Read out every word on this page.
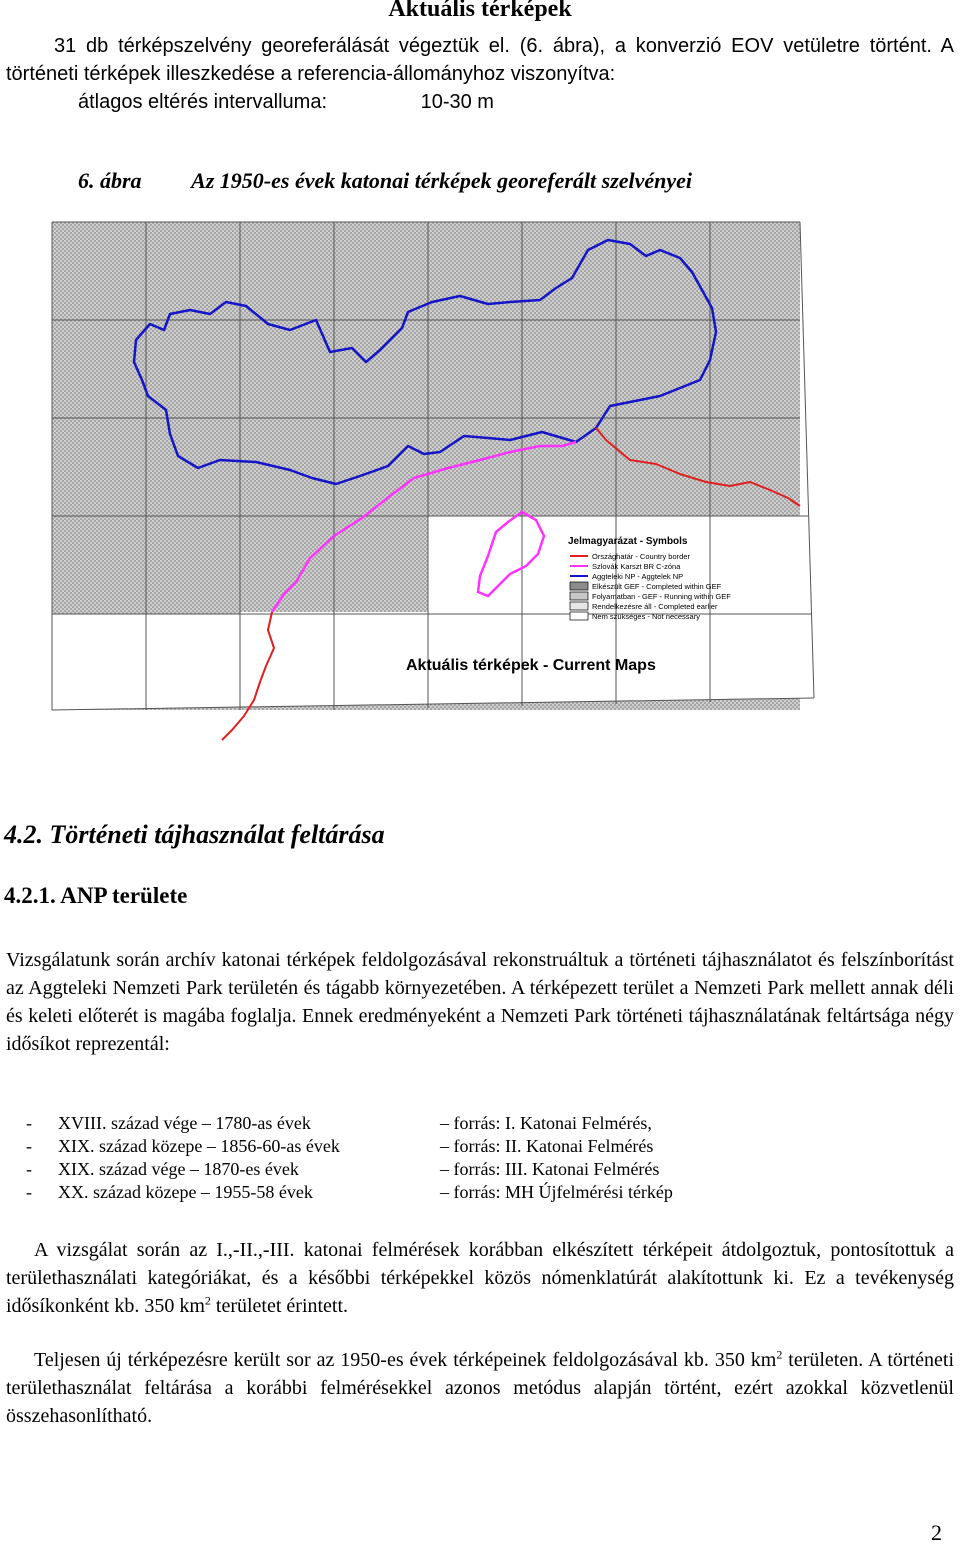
Aktuális térképek
31 db térképszelvény georeferálását végeztük el. (6. ábra), a konverzió EOV vetületre történt. A történeti térképek illeszkedése a referencia-állományhoz viszonyítva:
átlagos eltérés intervalluma:	10-30 m
6. ábra Az 1950-es évek katonai térképek georeferált szelvényei
Jelmagyarázat - Symbols
Országhatár - Country border
Szlovák Karszt BR C-zóna
Aggteleki NP - Aggtelek NP
Elkészült GEF - Completed within GEF
Folyamatban - GEF - Running within GEF
Rendelkezésre áll - Completed earlier
Nem szükséges - Not necessary
Aktuális térképek - Current Maps
4.2. Történeti tájhasználat feltárása
4.2.1. ANP területe
Vizsgálatunk során archív katonai térképek feldolgozásával rekonstruáltuk a történeti tájhasználatot és felszínborítást az Aggteleki Nemzeti Park területén és tágabb környezetében. A térképezett terület a Nemzeti Park mellett annak déli és keleti előterét is magába foglalja. Ennek eredményeként a Nemzeti Park történeti tájhasználatának feltártsága négy idősíkot reprezentál:
-	XVIII. század vége – 1780-as évek	– forrás: I. Katonai Felmérés,
-	XIX. század közepe – 1856-60-as évek	– forrás: II. Katonai Felmérés
-	XIX. század vége – 1870-es évek	– forrás: III. Katonai Felmérés
-	XX. század közepe – 1955-58 évek	– forrás: MH Újfelmérési térkép
A vizsgálat során az I.,-II.,-III. katonai felmérések korábban elkészített térképeit átdolgoztuk, pontosítottuk a területhasználati kategóriákat, és a későbbi térképekkel közös nómenklatúrát alakítottunk ki. Ez a tevékenység idősíkonként kb. 350 $km^2$ területet érintett.
Teljesen új térképezésre került sor az 1950-es évek térképeinek feldolgozásával kb. 350 $km^2$ területen. A történeti területhasználat feltárása a korábbi felmérésekkel azonos metódus alapján történt, ezért azokkal közvetlenül összehasonlítható.
2
